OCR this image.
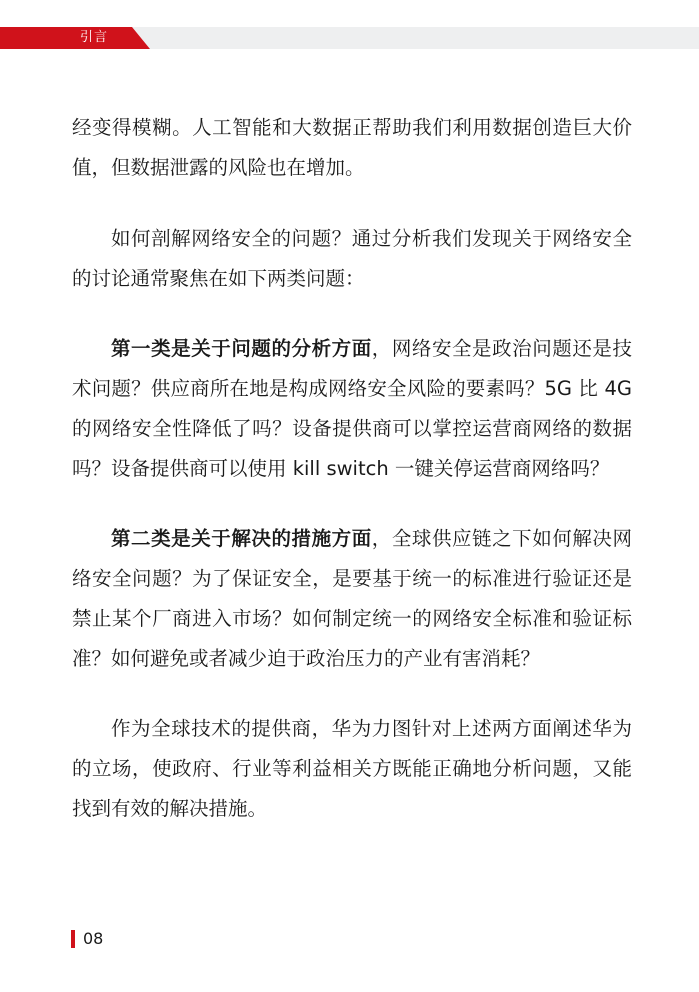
引言

经变得模糊。人工智能和大数据正帮助我们利用数据创造巨大价值，但数据泄露的风险也在增加。

如何剖解网络安全的问题？通过分析我们发现关于网络安全的讨论通常聚焦在如下两类问题：

第一类是关于问题的分析方面，网络安全是政治问题还是技术问题？供应商所在地是构成网络安全风险的要素吗？5G 比 4G 的网络安全性降低了吗？设备提供商可以掌控运营商网络的数据吗？设备提供商可以使用 kill switch 一键关停运营商网络吗？

第二类是关于解决的措施方面，全球供应链之下如何解决网络安全问题？为了保证安全，是要基于统一的标准进行验证还是禁止某个厂商进入市场？如何制定统一的网络安全标准和验证标准？如何避免或者减少迫于政治压力的产业有害消耗？

作为全球技术的提供商，华为力图针对上述两方面阐述华为的立场，使政府、行业等利益相关方既能正确地分析问题，又能找到有效的解决措施。

08
